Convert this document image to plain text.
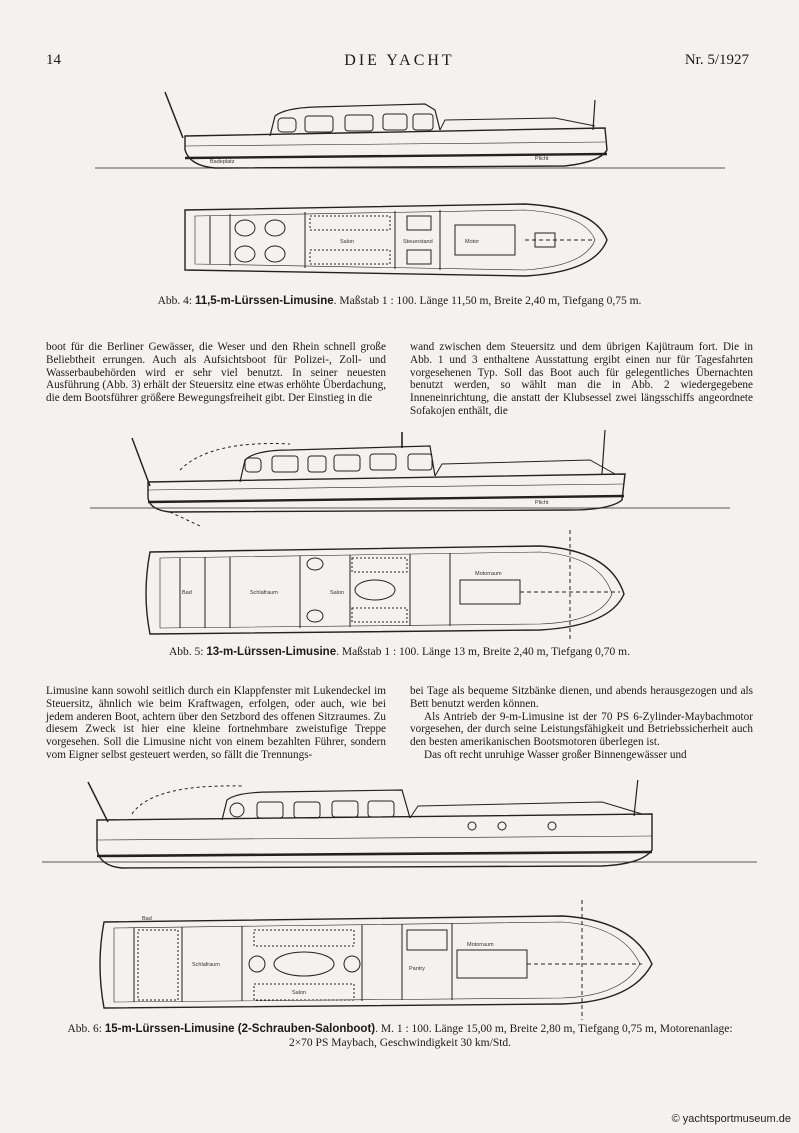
14	DIE YACHT	Nr. 5/1927
Badeplatz
Salon	Steuerstand	Motor
Plicht
Abb. 4: 11,5-m-Lürssen-Limusine. Maßstab 1 : 100. Länge 11,50 m, Breite 2,40 m, Tiefgang 0,75 m.

boot für die Berliner Gewässer, die Weser und den Rhein schnell große Beliebtheit errungen. Auch als Aufsichtsboot für Polizei-, Zoll- und Wasserbaubehörden wird er sehr viel benutzt. In seiner neuesten Ausführung (Abb. 3) erhält der Steuersitz eine etwas erhöhte Überdachung, die dem Bootsführer größere Bewegungsfreiheit gibt. Der Einstieg in die

wand zwischen dem Steuersitz und dem übrigen Kajütraum fort. Die in Abb. 1 und 3 enthaltene Ausstattung ergibt einen nur für Tagesfahrten vorgesehenen Typ. Soll das Boot auch für gelegentliches Übernachten benutzt werden, so wählt man die in Abb. 2 wiedergegebene Inneneinrichtung, die anstatt der Klubsessel zwei längsschiffs angeordnete Sofakojen enthält, die

Bad	Schlafraum	Salon
Motorraum
Plicht
Abb. 5: 13-m-Lürssen-Limusine. Maßstab 1 : 100. Länge 13 m, Breite 2,40 m, Tiefgang 0,70 m.

Limusine kann sowohl seitlich durch ein Klappfenster mit Lukendeckel im Steuersitz, ähnlich wie beim Kraftwagen, erfolgen, oder auch, wie bei jedem anderen Boot, achtern über den Setzbord des offenen Sitzraumes. Zu diesem Zweck ist hier eine kleine fortnehmbare zweistufige Treppe vorgesehen. Soll die Limusine nicht von einem bezahlten Führer, sondern vom Eigner selbst gesteuert werden, so fällt die Trennungs-

bei Tage als bequeme Sitzbänke dienen, und abends herausgezogen und als Bett benutzt werden können.

Als Antrieb der 9-m-Limusine ist der 70 PS 6-Zylinder-Maybachmotor vorgesehen, der durch seine Leistungsfähigkeit und Betriebssicherheit auch den besten amerikanischen Bootsmotoren überlegen ist.

Das oft recht unruhige Wasser großer Binnengewässer und

Bad
Schlafraum
Salon
Pantry
Motorraum
Abb. 6: 15-m-Lürssen-Limusine (2-Schrauben-Salonboot). M. 1 : 100. Länge 15,00 m, Breite 2,80 m, Tiefgang 0,75 m, Motorenanlage: 2×70 PS Maybach, Geschwindigkeit 30 km/Std.
© yachtsportmuseum.de
